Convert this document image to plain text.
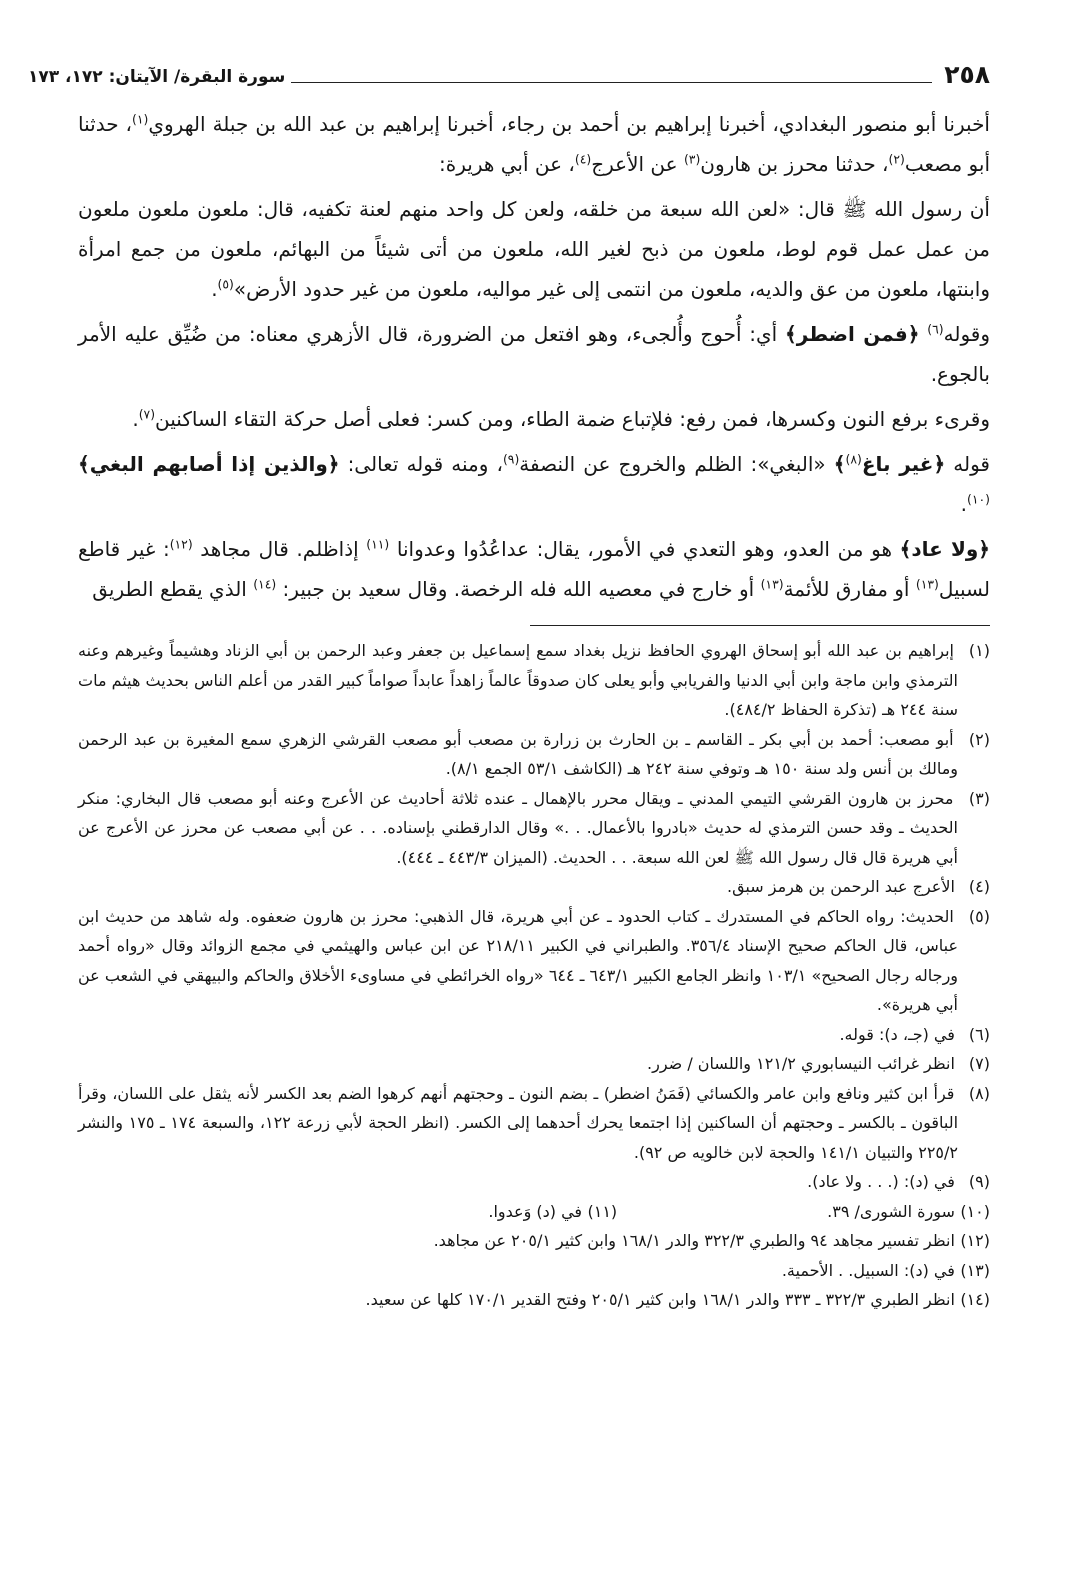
٢٥٨
سورة البقرة/ الآيتان: ١٧٢، ١٧٣

أخبرنا أبو منصور البغدادي، أخبرنا إبراهيم بن أحمد بن رجاء، أخبرنا إبراهيم بن عبد الله بن جبلة الهروي$^{(١)}$، حدثنا أبو مصعب$^{(٢)}$، حدثنا محرز بن هارون$^{(٣)}$ عن الأعرج$^{(٤)}$، عن أبي هريرة:

أن رسول الله ﷺ قال: «لعن الله سبعة من خلقه، ولعن كل واحد منهم لعنة تكفيه، قال: ملعون ملعون ملعون من عمل عمل قوم لوط، ملعون من ذبح لغير الله، ملعون من أتى شيئاً من البهائم، ملعون من جمع امرأة وابنتها، ملعون من عق والديه، ملعون من انتمى إلى غير مواليه، ملعون من غير حدود الأرض»$^{(٥)}$.

وقوله$^{(٦)}$ ﴿فمن اضطر﴾ أي: أُحوج وأُلجىء، وهو افتعل من الضرورة، قال الأزهري معناه: من ضُيِّق عليه الأمر بالجوع.

وقرىء برفع النون وكسرها، فمن رفع: فلإتباع ضمة الطاء، ومن كسر: فعلى أصل حركة التقاء الساكنين$^{(٧)}$.

قوله ﴿غير باغ$^{(٨)}$﴾ «البغي»: الظلم والخروج عن النصفة$^{(٩)}$، ومنه قوله تعالى: ﴿والذين إذا أصابهم البغي﴾$^{(١٠)}$.

﴿ولا عاد﴾ هو من العدو، وهو التعدي في الأمور، يقال: عداعُدُوا وعدوانا $^{(١١)}$ إذاظلم. قال مجاهد $^{(١٢)}$: غير قاطع لسبيل$^{(١٣)}$ أو مفارق للأئمة$^{(١٣)}$ أو خارج في معصيه الله فله الرخصة. وقال سعيد بن جبير: $^{(١٤)}$ الذي يقطع الطريق

(١) إبراهيم بن عبد الله أبو إسحاق الهروي الحافظ نزيل بغداد سمع إسماعيل بن جعفر وعبد الرحمن بن أبي الزناد وهشيماً وغيرهم وعنه الترمذي وابن ماجة وابن أبي الدنيا والفريابي وأبو يعلى كان صدوقاً عالماً زاهداً عابداً صواماً كبير القدر من أعلم الناس بحديث هيثم مات سنة ٢٤٤ هـ (تذكرة الحفاظ ٤٨٤/٢).
(٢) أبو مصعب: أحمد بن أبي بكر ـ القاسم ـ بن الحارث بن زرارة بن مصعب أبو مصعب القرشي الزهري سمع المغيرة بن عبد الرحمن ومالك بن أنس ولد سنة ١٥٠ هـ وتوفي سنة ٢٤٢ هـ (الكاشف ٥٣/١ الجمع ٨/١).
(٣) محرز بن هارون القرشي التيمي المدني ـ ويقال محرر بالإهمال ـ عنده ثلاثة أحاديث عن الأعرج وعنه أبو مصعب قال البخاري: منكر الحديث ـ وقد حسن الترمذي له حديث «بادروا بالأعمال. . .» وقال الدارقطني بإسناده. . . عن أبي مصعب عن محرز عن الأعرج عن أبي هريرة قال قال رسول الله ﷺ لعن الله سبعة. . . الحديث. (الميزان ٤٤٣/٣ ـ ٤٤٤).
(٤) الأعرج عبد الرحمن بن هرمز سبق.
(٥) الحديث: رواه الحاكم في المستدرك ـ كتاب الحدود ـ عن أبي هريرة، قال الذهبي: محرز بن هارون ضعفوه. وله شاهد من حديث ابن عباس، قال الحاكم صحيح الإسناد ٣٥٦/٤. والطبراني في الكبير ٢١٨/١١ عن ابن عباس والهيثمي في مجمع الزوائد وقال «رواه أحمد ورجاله رجال الصحيح» ١٠٣/١ وانظر الجامع الكبير ٦٤٣/١ ـ ٦٤٤ «رواه الخرائطي في مساوىء الأخلاق والحاكم والبيهقي في الشعب عن أبي هريرة».
(٦) في (جـ، د): قوله.
(٧) انظر غرائب النيسابوري ١٢١/٢ واللسان / ضرر.
(٨) قرأ ابن كثير ونافع وابن عامر والكسائي (فَمَنُ اضطر) ـ بضم النون ـ وحجتهم أنهم كرهوا الضم بعد الكسر لأنه يثقل على اللسان، وقرأ الباقون ـ بالكسر ـ وحجتهم أن الساكنين إذا اجتمعا يحرك أحدهما إلى الكسر. (انظر الحجة لأبي زرعة ١٢٢، والسبعة ١٧٤ ـ ١٧٥ والنشر ٢٢٥/٢ والتبيان ١٤١/١ والحجة لابن خالويه ص ٩٢).
(٩) في (د): (. . . ولا عاد).
(١٠) سورة الشورى/ ٣٩.
(١١) في (د) وَعدوا.
(١٢) انظر تفسير مجاهد ٩٤ والطبري ٣٢٢/٣ والدر ١٦٨/١ وابن كثير ٢٠٥/١ عن مجاهد.
(١٣) في (د): السبيل. . الأحمية.
(١٤) انظر الطبري ٣٢٢/٣ ـ ٣٣٣ والدر ١٦٨/١ وابن كثير ٢٠٥/١ وفتح القدير ١٧٠/١ كلها عن سعيد.
